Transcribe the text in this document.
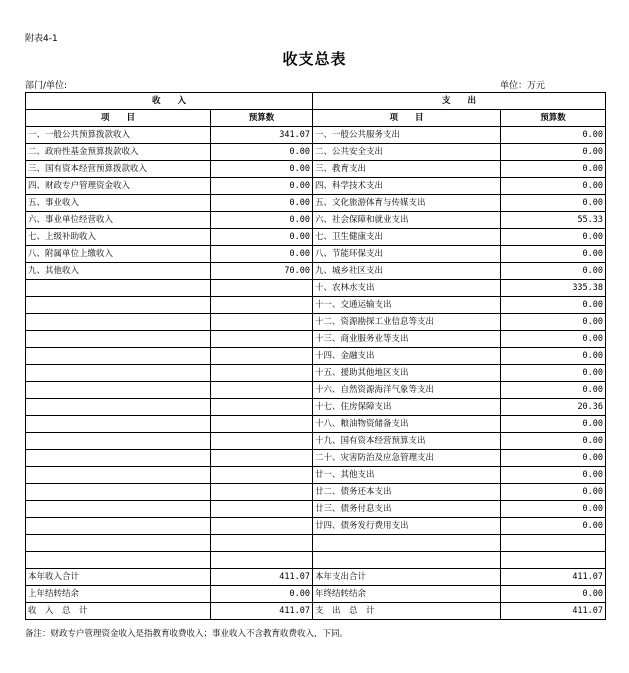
附表4-1
收支总表
部门/单位:	单位：万元
收　　入		支　　出	
项　　目	预算数	项　　目	预算数
一、一般公共预算拨款收入	341.07	一、一般公共服务支出	0.00
二、政府性基金预算拨款收入	0.00	二、公共安全支出	0.00
三、国有资本经营预算拨款收入	0.00	三、教育支出	0.00
四、财政专户管理资金收入	0.00	四、科学技术支出	0.00
五、事业收入	0.00	五、文化旅游体育与传媒支出	0.00
六、事业单位经营收入	0.00	六、社会保障和就业支出	55.33
七、上级补助收入	0.00	七、卫生健康支出	0.00
八、附属单位上缴收入	0.00	八、节能环保支出	0.00
九、其他收入	70.00	九、城乡社区支出	0.00
		十、农林水支出	335.38
		十一、交通运输支出	0.00
		十二、资源勘探工业信息等支出	0.00
		十三、商业服务业等支出	0.00
		十四、金融支出	0.00
		十五、援助其他地区支出	0.00
		十六、自然资源海洋气象等支出	0.00
		十七、住房保障支出	20.36
		十八、粮油物资储备支出	0.00
		十九、国有资本经营预算支出	0.00
		二十、灾害防治及应急管理支出	0.00
		廿一、其他支出	0.00
		廿二、债务还本支出	0.00
		廿三、债务付息支出	0.00
		廿四、债务发行费用支出	0.00

本年收入合计	411.07	本年支出合计	411.07
上年结转结余	0.00	年终结转结余	0.00
收　入　总　计	411.07	支　出　总　计	411.07
备注：财政专户管理资金收入是指教育收费收入；事业收入不含教育收费收入，下同。
